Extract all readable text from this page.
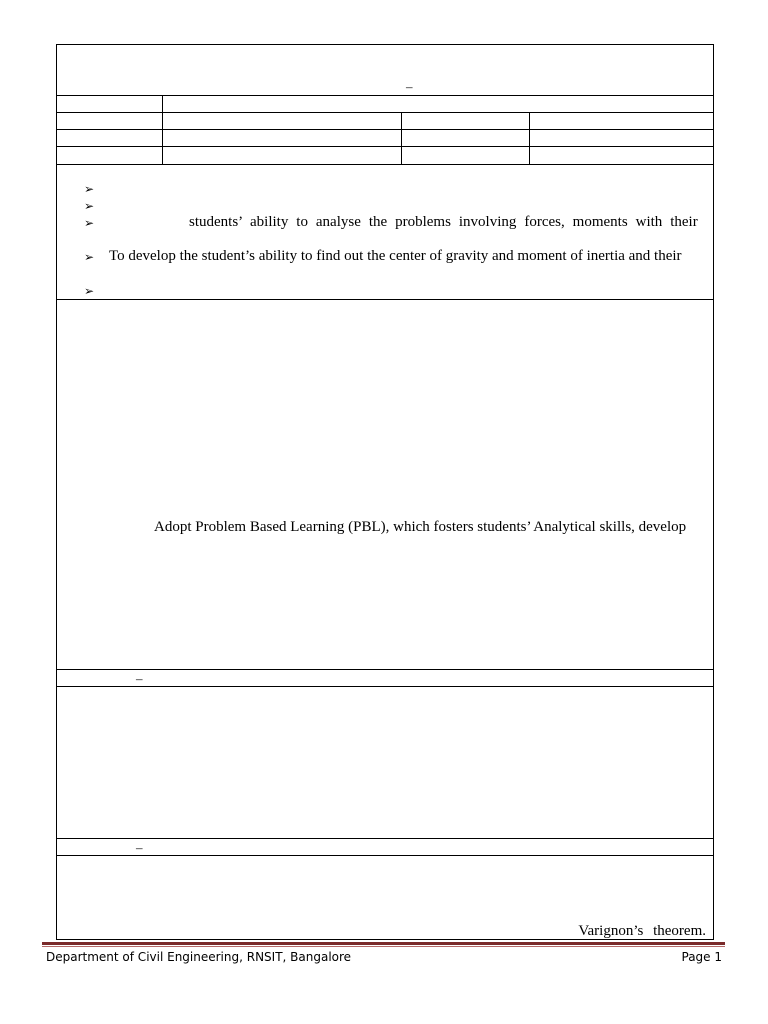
–
➢
➢
➢	students’ ability to analyse the problems involving forces, moments with their
➢ To develop the student’s ability to find out the center of gravity and moment of inertia and their
➢
Adopt Problem Based Learning (PBL), which fosters students’ Analytical skills, develop
–
–
Varignon’s theorem.
Department of Civil Engineering, RNSIT, Bangalore	Page 1
